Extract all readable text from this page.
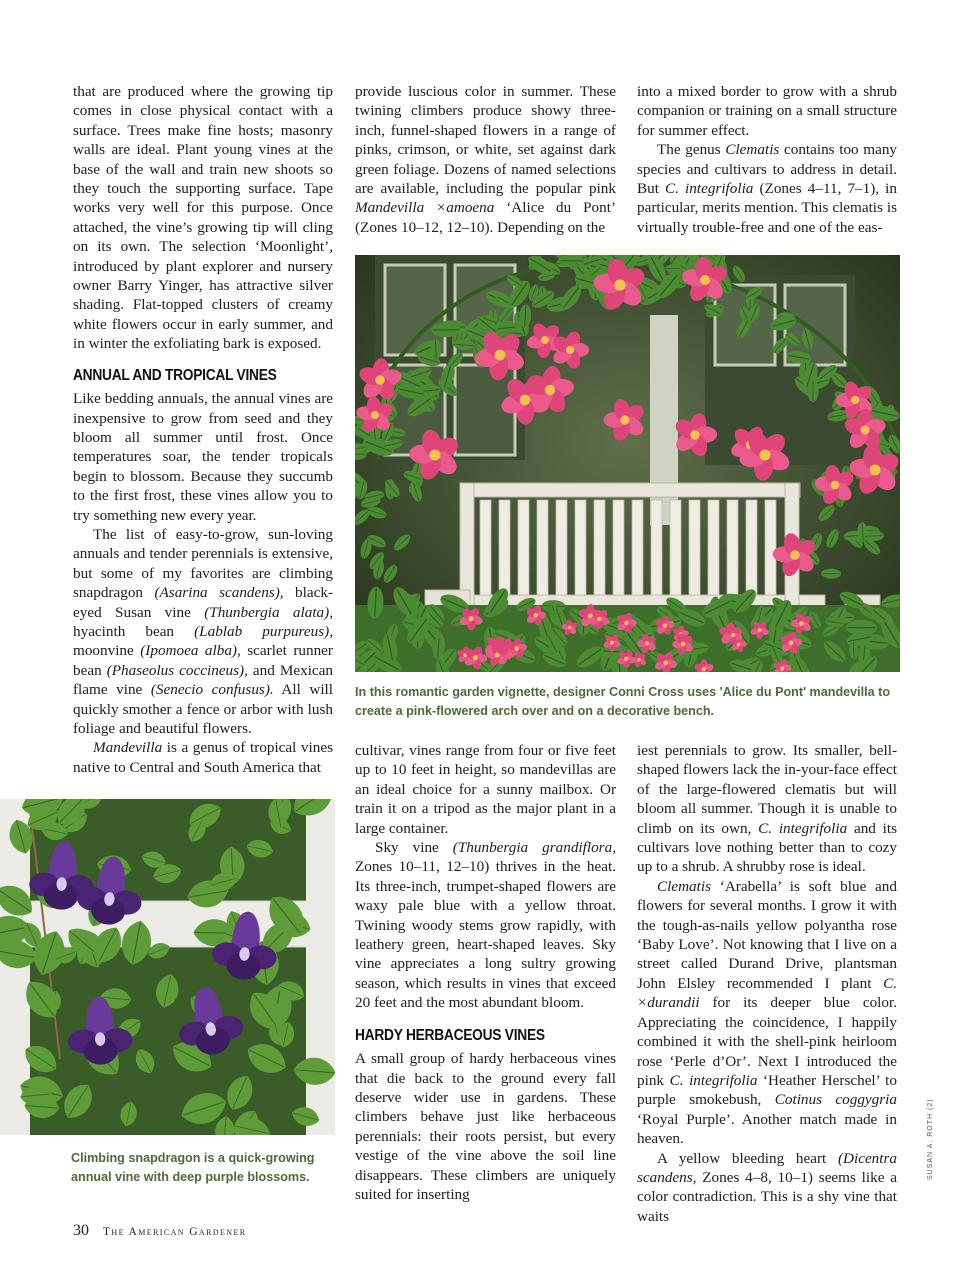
that are produced where the growing tip comes in close physical contact with a surface. Trees make fine hosts; masonry walls are ideal. Plant young vines at the base of the wall and train new shoots so they touch the supporting surface. Tape works very well for this purpose. Once attached, the vine’s growing tip will cling on its own. The selection ‘Moonlight’, introduced by plant explorer and nursery owner Barry Yinger, has attractive silver shading. Flat-topped clusters of creamy white flowers occur in early summer, and in winter the exfoliating bark is exposed.

ANNUAL AND TROPICAL VINES

Like bedding annuals, the annual vines are inexpensive to grow from seed and they bloom all summer until frost. Once temperatures soar, the tender tropicals begin to blossom. Because they succumb to the first frost, these vines allow you to try something new every year.

The list of easy-to-grow, sun-loving annuals and tender perennials is extensive, but some of my favorites are climbing snapdragon (Asarina scandens), black-eyed Susan vine (Thunbergia alata), hyacinth bean (Lablab purpureus), moonvine (Ipomoea alba), scarlet runner bean (Phaseolus coccineus), and Mexican flame vine (Senecio confusus). All will quickly smother a fence or arbor with lush foliage and beautiful flowers.

Mandevilla is a genus of tropical vines native to Central and South America that

provide luscious color in summer. These twining climbers produce showy three-inch, funnel-shaped flowers in a range of pinks, crimson, or white, set against dark green foliage. Dozens of named selections are available, including the popular pink Mandevilla ×amoena ‘Alice du Pont’ (Zones 10–12, 12–10). Depending on the

into a mixed border to grow with a shrub companion or training on a small structure for summer effect.

The genus Clematis contains too many species and cultivars to address in detail. But C. integrifolia (Zones 4–11, 7–1), in particular, merits mention. This clematis is virtually trouble-free and one of the eas-

In this romantic garden vignette, designer Conni Cross uses 'Alice du Pont' mandevilla to create a pink-flowered arch over and on a decorative bench.

cultivar, vines range from four or five feet up to 10 feet in height, so mandevillas are an ideal choice for a sunny mailbox. Or train it on a tripod as the major plant in a large container.

Sky vine (Thunbergia grandiflora, Zones 10–11, 12–10) thrives in the heat. Its three-inch, trumpet-shaped flowers are waxy pale blue with a yellow throat. Twining woody stems grow rapidly, with leathery green, heart-shaped leaves. Sky vine appreciates a long sultry growing season, which results in vines that exceed 20 feet and the most abundant bloom.

HARDY HERBACEOUS VINES

A small group of hardy herbaceous vines that die back to the ground every fall deserve wider use in gardens. These climbers behave just like herbaceous perennials: their roots persist, but every vestige of the vine above the soil line disappears. These climbers are uniquely suited for inserting

iest perennials to grow. Its smaller, bell-shaped flowers lack the in-your-face effect of the large-flowered clematis but will bloom all summer. Though it is unable to climb on its own, C. integrifolia and its cultivars love nothing better than to cozy up to a shrub. A shrubby rose is ideal.

Clematis ‘Arabella’ is soft blue and flowers for several months. I grow it with the tough-as-nails yellow polyantha rose ‘Baby Love’. Not knowing that I live on a street called Durand Drive, plantsman John Elsley recommended I plant C. ×durandii for its deeper blue color. Appreciating the coincidence, I happily combined it with the shell-pink heirloom rose ‘Perle d’Or’. Next I introduced the pink C. integrifolia ‘Heather Herschel’ to purple smokebush, Cotinus coggygria ‘Royal Purple’. Another match made in heaven.

A yellow bleeding heart (Dicentra scandens, Zones 4–8, 10–1) seems like a color contradiction. This is a shy vine that waits

Climbing snapdragon is a quick-growing annual vine with deep purple blossoms.
30 The American Gardener
SUSAN A. ROTH (2)
